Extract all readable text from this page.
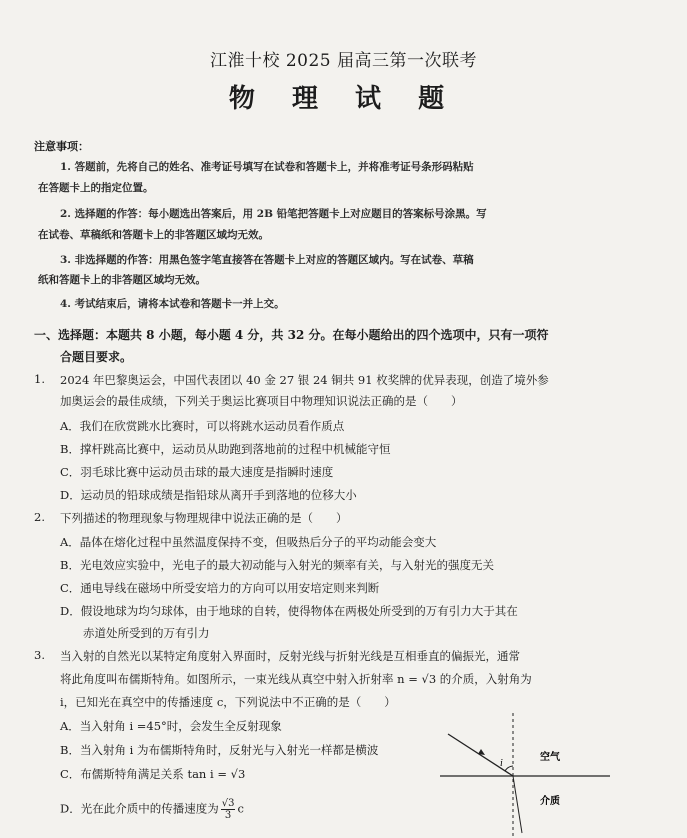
江淮十校 2025 届高三第一次联考
物 理 试 题
注意事项：
1. 答题前，先将自己的姓名、准考证号填写在试卷和答题卡上，并将准考证号条形码粘贴
在答题卡上的指定位置。
2. 选择题的作答：每小题选出答案后，用 2B 铅笔把答题卡上对应题目的答案标号涂黑。写
在试卷、草稿纸和答题卡上的非答题区域均无效。
3. 非选择题的作答：用黑色签字笔直接答在答题卡上对应的答题区域内。写在试卷、草稿
纸和答题卡上的非答题区域均无效。
4. 考试结束后，请将本试卷和答题卡一并上交。
一、选择题：本题共 8 小题，每小题 4 分，共 32 分。在每小题给出的四个选项中，只有一项符
合题目要求。
1. 2024 年巴黎奥运会，中国代表团以 40 金 27 银 24 铜共 91 枚奖牌的优异表现，创造了境外参
加奥运会的最佳成绩，下列关于奥运比赛项目中物理知识说法正确的是（　　）
A．我们在欣赏跳水比赛时，可以将跳水运动员看作质点
B．撑杆跳高比赛中，运动员从助跑到落地前的过程中机械能守恒
C．羽毛球比赛中运动员击球的最大速度是指瞬时速度
D．运动员的铅球成绩是指铅球从离开手到落地的位移大小
2. 下列描述的物理现象与物理规律中说法正确的是（　　）
A．晶体在熔化过程中虽然温度保持不变，但吸热后分子的平均动能会变大
B．光电效应实验中，光电子的最大初动能与入射光的频率有关，与入射光的强度无关
C．通电导线在磁场中所受安培力的方向可以用安培定则来判断
D．假设地球为均匀球体，由于地球的自转，使得物体在两极处所受到的万有引力大于其在
　　赤道处所受到的万有引力
3. 当入射的自然光以某特定角度射入界面时，反射光线与折射光线是互相垂直的偏振光，通常
将此角度叫布儒斯特角。如图所示，一束光线从真空中射入折射率 n = √3 的介质，入射角为
i，已知光在真空中的传播速度 c，下列说法中不正确的是（　　）
A．当入射角 i =45°时，会发生全反射现象
B．当入射角 i 为布儒斯特角时，反射光与入射光一样都是横波
C．布儒斯特角满足关系 tan i = √3
D．光在此介质中的传播速度为 $\frac{√3}{3}$ c
i
空气
介质
